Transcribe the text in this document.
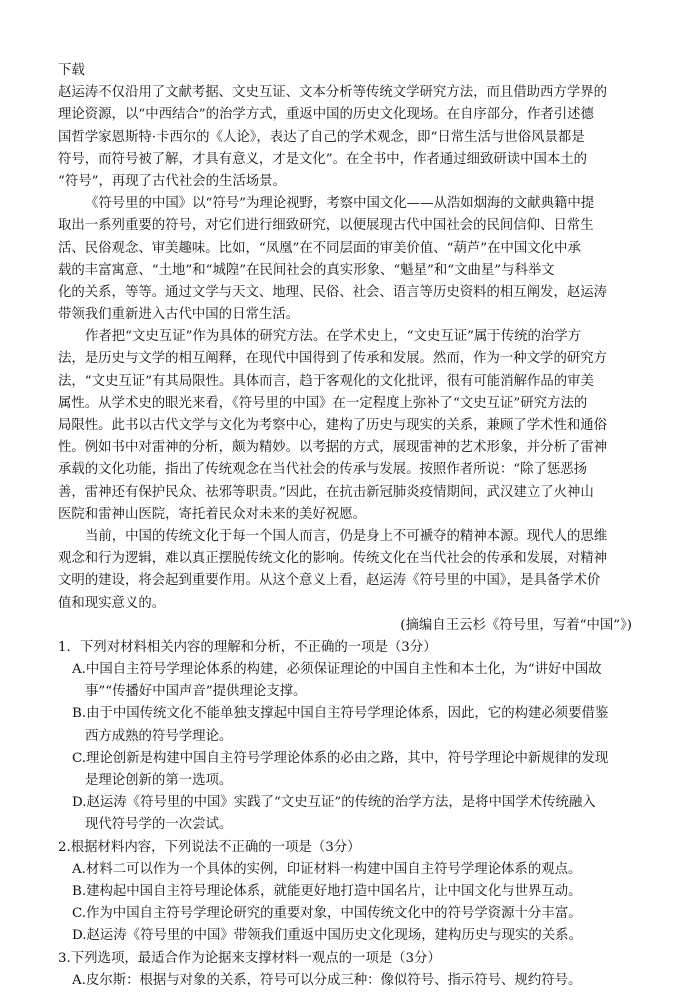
下载
赵运涛不仅沿用了文献考据、文史互证、文本分析等传统文学研究方法，而且借助西方学界的
理论资源，以“中西结合”的治学方式，重返中国的历史文化现场。在自序部分，作者引述德
国哲学家恩斯特·卡西尔的《人论》，表达了自己的学术观念，即“日常生活与世俗风景都是
符号，而符号被了解，才具有意义，才是文化”。在全书中，作者通过细致研读中国本土的
“符号”，再现了古代社会的生活场景。
《符号里的中国》以“符号”为理论视野，考察中国文化——从浩如烟海的文献典籍中提
取出一系列重要的符号，对它们进行细致研究，以便展现古代中国社会的民间信仰、日常生
活、民俗观念、审美趣味。比如，“凤凰”在不同层面的审美价值、“葫芦”在中国文化中承
载的丰富寓意、“土地”和“城隍”在民间社会的真实形象、“魁星”和“文曲星”与科举文
化的关系，等等。通过文学与天文、地理、民俗、社会、语言等历史资料的相互阐发，赵运涛
带领我们重新进入古代中国的日常生活。
作者把“文史互证”作为具体的研究方法。在学术史上，“文史互证”属于传统的治学方
法，是历史与文学的相互阐释，在现代中国得到了传承和发展。然而，作为一种文学的研究方
法，“文史互证”有其局限性。具体而言，趋于客观化的文化批评，很有可能消解作品的审美
属性。从学术史的眼光来看，《符号里的中国》在一定程度上弥补了“文史互证”研究方法的
局限性。此书以古代文学与文化为考察中心，建构了历史与现实的关系，兼顾了学术性和通俗
性。例如书中对雷神的分析，颇为精妙。以考据的方式，展现雷神的艺术形象，并分析了雷神
承载的文化功能，指出了传统观念在当代社会的传承与发展。按照作者所说：“除了惩恶扬
善，雷神还有保护民众、祛邪等职责。”因此，在抗击新冠肺炎疫情期间，武汉建立了火神山
医院和雷神山医院，寄托着民众对未来的美好祝愿。
当前，中国的传统文化于每一个国人而言，仍是身上不可褫夺的精神本源。现代人的思维
观念和行为逻辑，难以真正摆脱传统文化的影响。传统文化在当代社会的传承和发展，对精神
文明的建设，将会起到重要作用。从这个意义上看，赵运涛《符号里的中国》，是具备学术价
值和现实意义的。
(摘编自王云杉《符号里，写着“中国”》)
1．下列对材料相关内容的理解和分析，不正确的一项是（3分）
A.中国自主符号学理论体系的构建，必须保证理论的中国自主性和本土化，为“讲好中国故
事”“传播好中国声音”提供理论支撑。
B.由于中国传统文化不能单独支撑起中国自主符号学理论体系，因此，它的构建必须要借鉴
西方成熟的符号学理论。
C.理论创新是构建中国自主符号学理论体系的必由之路，其中，符号学理论中新规律的发现
是理论创新的第一选项。
D.赵运涛《符号里的中国》实践了“文史互证”的传统的治学方法，是将中国学术传统融入
现代符号学的一次尝试。
2.根据材料内容，下列说法不正确的一项是（3分）
A.材料二可以作为一个具体的实例，印证材料一构建中国自主符号学理论体系的观点。
B.建构起中国自主符号理论体系，就能更好地打造中国名片，让中国文化与世界互动。
C.作为中国自主符号学理论研究的重要对象，中国传统文化中的符号学资源十分丰富。
D.赵运涛《符号里的中国》带领我们重返中国历史文化现场，建构历史与现实的关系。
3.下列选项，最适合作为论据来支撑材料一观点的一项是（3分）
A.皮尔斯：根据与对象的关系，符号可以分成三种：像似符号、指示符号、规约符号。
